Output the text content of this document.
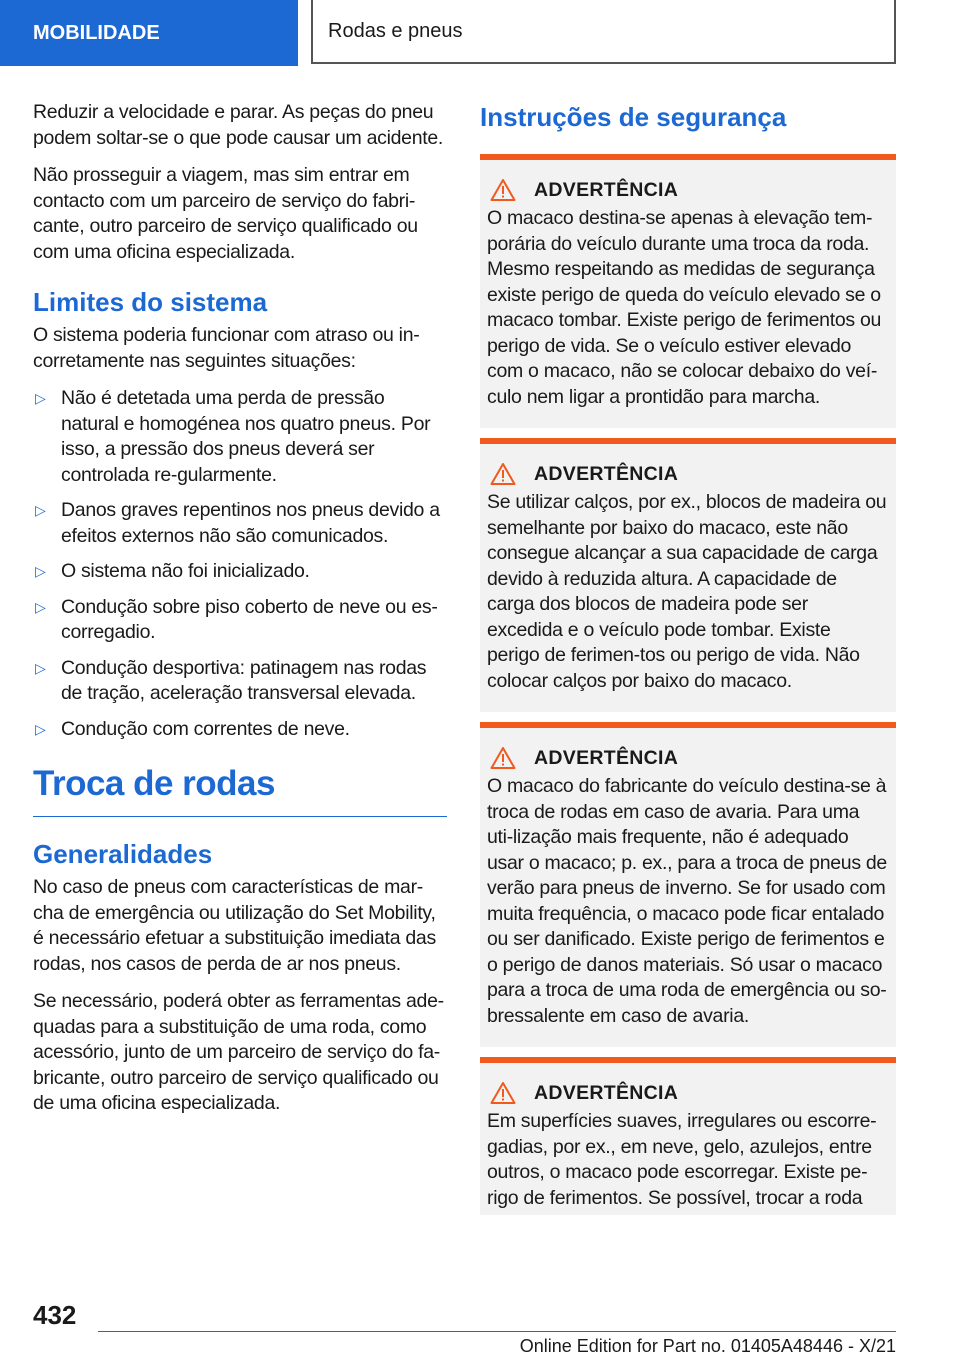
MOBILIDADE	Rodas e pneus

Reduzir a velocidade e parar. As peças do pneu podem soltar-se o que pode causar um acidente.

Não prosseguir a viagem, mas sim entrar em contacto com um parceiro de serviço do fabri-cante, outro parceiro de serviço qualificado ou com uma oficina especializada.

Limites do sistema

O sistema poderia funcionar com atraso ou in-corretamente nas seguintes situações:

▷ Não é detetada uma perda de pressão natural e homogénea nos quatro pneus. Por isso, a pressão dos pneus deverá ser controlada re-gularmente.
▷ Danos graves repentinos nos pneus devido a efeitos externos não são comunicados.
▷ O sistema não foi inicializado.
▷ Condução sobre piso coberto de neve ou es-corregadio.
▷ Condução desportiva: patinagem nas rodas de tração, aceleração transversal elevada.
▷ Condução com correntes de neve.
Troca de rodas
Generalidades

No caso de pneus com características de mar-cha de emergência ou utilização do Set Mobility, é necessário efetuar a substituição imediata das rodas, nos casos de perda de ar nos pneus.

Se necessário, poderá obter as ferramentas ade-quadas para a substituição de uma roda, como acessório, junto de um parceiro de serviço do fa-bricante, outro parceiro de serviço qualificado ou de uma oficina especializada.

Instruções de segurança
ADVERTÊNCIA

O macaco destina-se apenas à elevação tem-porária do veículo durante uma troca da roda. Mesmo respeitando as medidas de segurança existe perigo de queda do veículo elevado se o macaco tombar. Existe perigo de ferimentos ou perigo de vida. Se o veículo estiver elevado com o macaco, não se colocar debaixo do veí-culo nem ligar a prontidão para marcha.

ADVERTÊNCIA

Se utilizar calços, por ex., blocos de madeira ou semelhante por baixo do macaco, este não consegue alcançar a sua capacidade de carga devido à reduzida altura. A capacidade de carga dos blocos de madeira pode ser excedida e o veículo pode tombar. Existe perigo de ferimen-tos ou perigo de vida. Não colocar calços por baixo do macaco.

ADVERTÊNCIA

O macaco do fabricante do veículo destina-se à troca de rodas em caso de avaria. Para uma uti-lização mais frequente, não é adequado usar o macaco; p. ex., para a troca de pneus de verão para pneus de inverno. Se for usado com muita frequência, o macaco pode ficar entalado ou ser danificado. Existe perigo de ferimentos e o perigo de danos materiais. Só usar o macaco para a troca de uma roda de emergência ou so-bressalente em caso de avaria.

ADVERTÊNCIA

Em superfícies suaves, irregulares ou escorre-gadias, por ex., em neve, gelo, azulejos, entre outros, o macaco pode escorregar. Existe pe-rigo de ferimentos. Se possível, trocar a roda

432
Online Edition for Part no. 01405A48446 - X/21
